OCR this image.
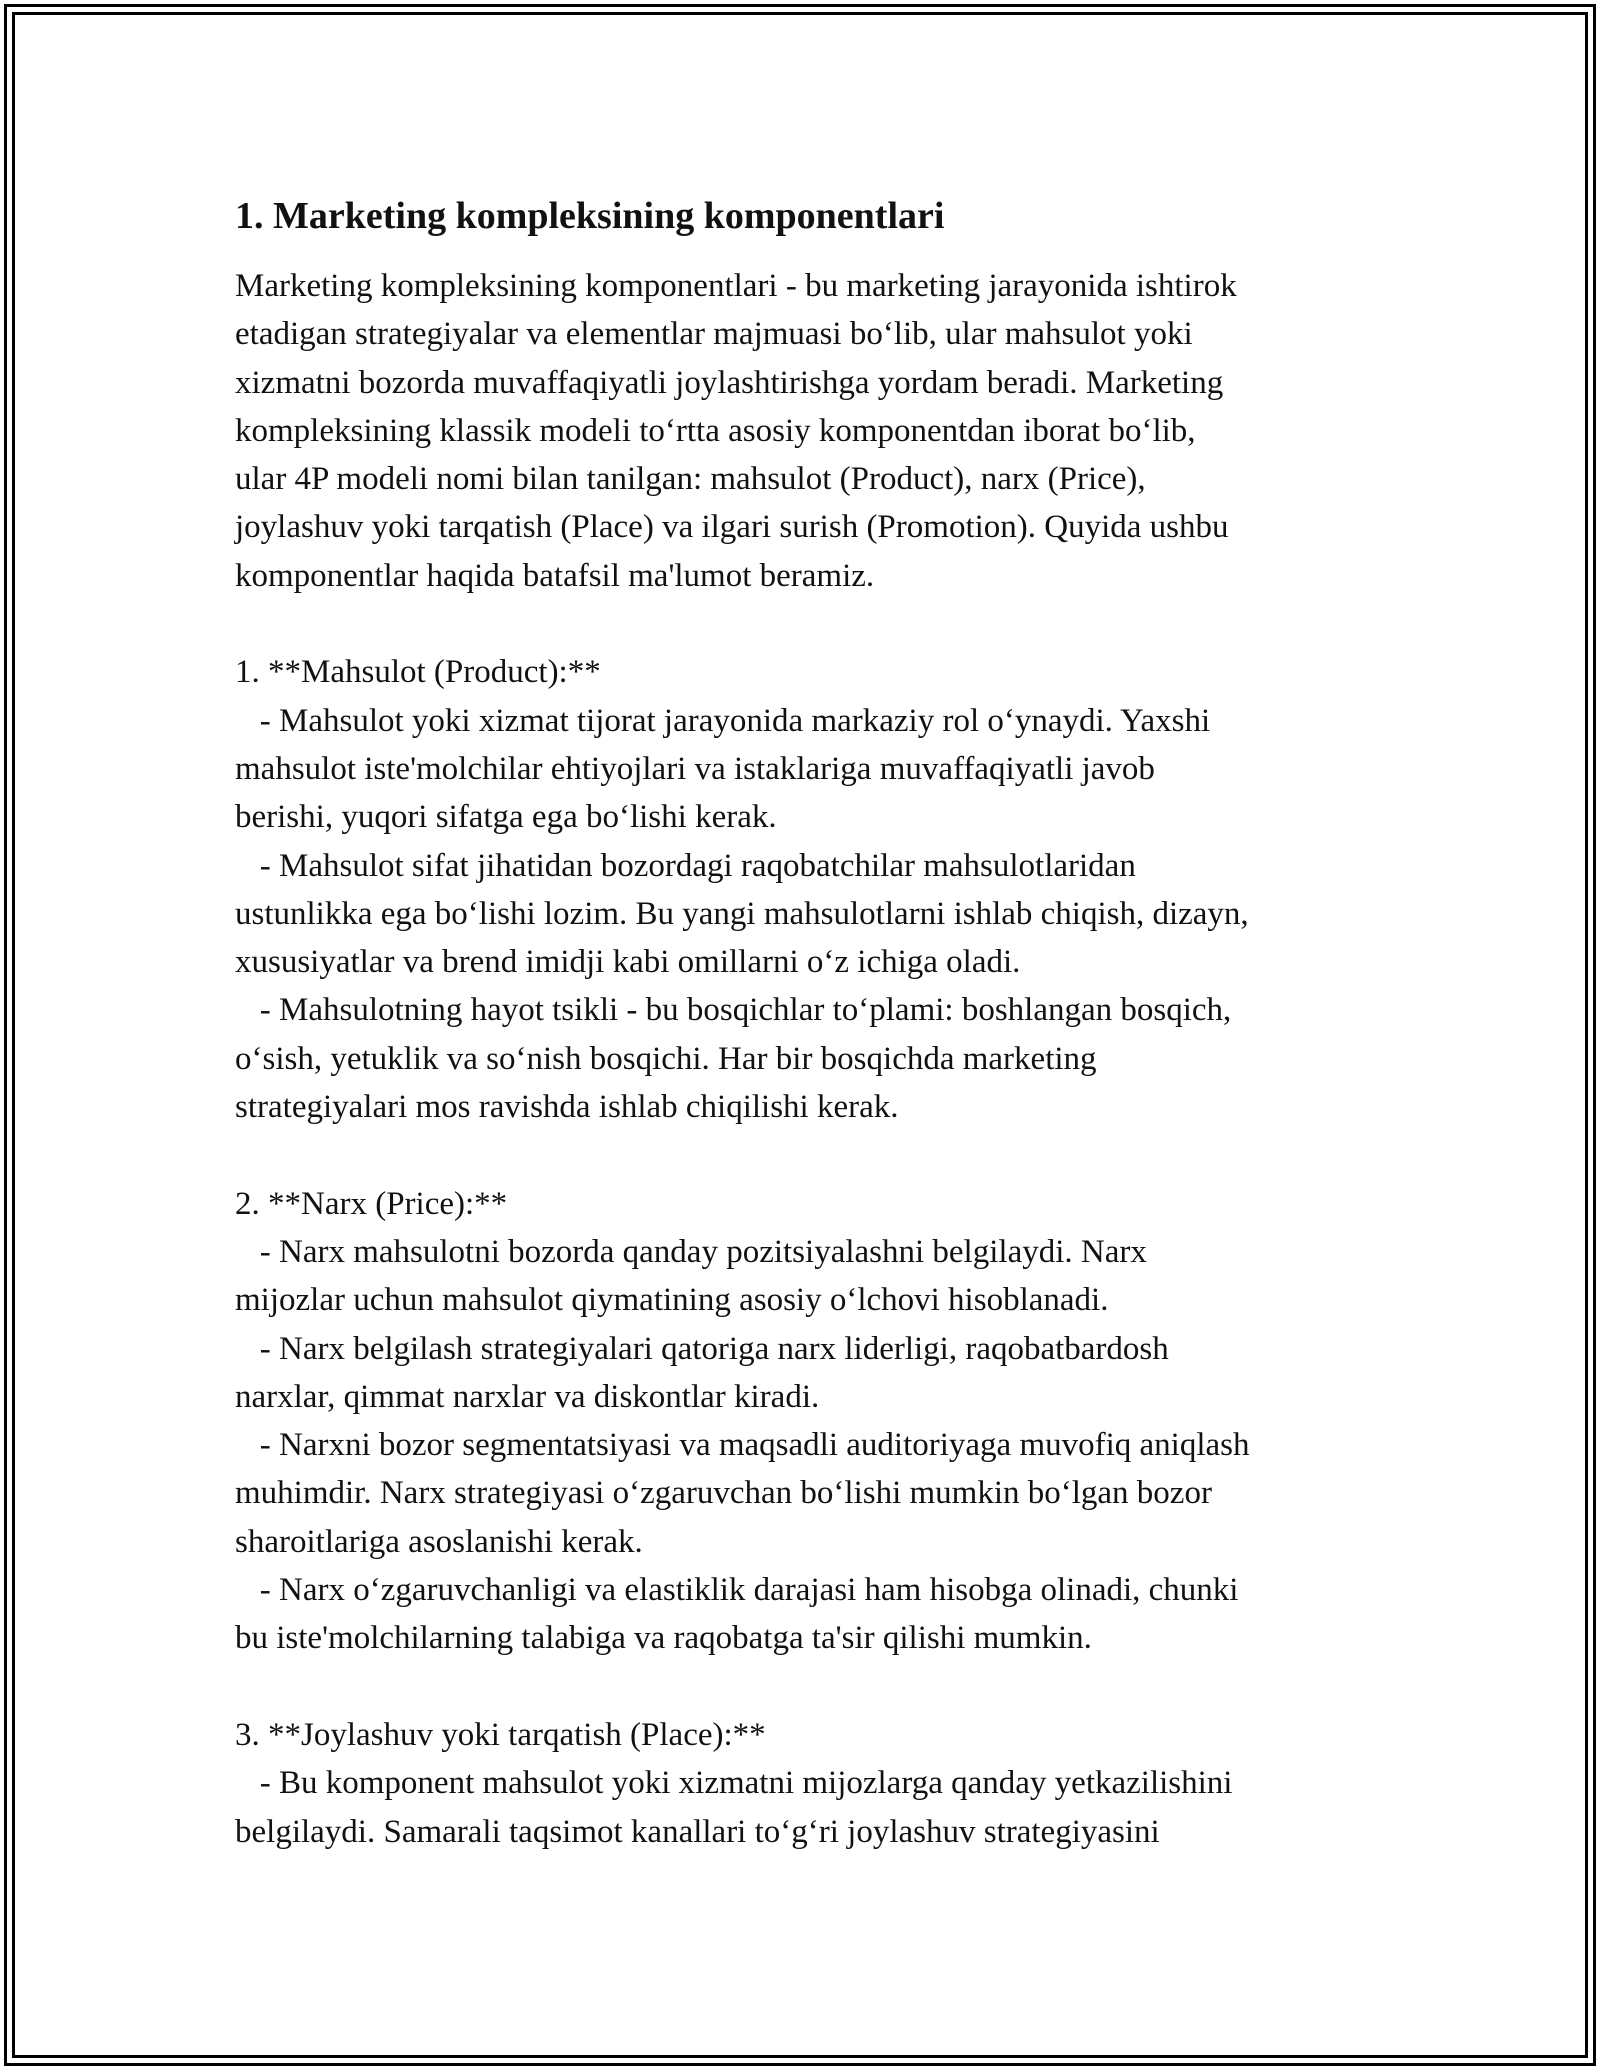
1. Marketing kompleksining komponentlari
Marketing kompleksining komponentlari - bu marketing jarayonida ishtirok
etadigan strategiyalar va elementlar majmuasi bo‘lib, ular mahsulot yoki
xizmatni bozorda muvaffaqiyatli joylashtirishga yordam beradi. Marketing
kompleksining klassik modeli to‘rtta asosiy komponentdan iborat bo‘lib,
ular 4P modeli nomi bilan tanilgan: mahsulot (Product), narx (Price),
joylashuv yoki tarqatish (Place) va ilgari surish (Promotion). Quyida ushbu
komponentlar haqida batafsil ma'lumot beramiz.
1. **Mahsulot (Product):**
- Mahsulot yoki xizmat tijorat jarayonida markaziy rol o‘ynaydi. Yaxshi
mahsulot iste'molchilar ehtiyojlari va istaklariga muvaffaqiyatli javob
berishi, yuqori sifatga ega bo‘lishi kerak.
- Mahsulot sifat jihatidan bozordagi raqobatchilar mahsulotlaridan
ustunlikka ega bo‘lishi lozim. Bu yangi mahsulotlarni ishlab chiqish, dizayn,
xususiyatlar va brend imidji kabi omillarni o‘z ichiga oladi.
- Mahsulotning hayot tsikli - bu bosqichlar to‘plami: boshlangan bosqich,
o‘sish, yetuklik va so‘nish bosqichi. Har bir bosqichda marketing
strategiyalari mos ravishda ishlab chiqilishi kerak.
2. **Narx (Price):**
- Narx mahsulotni bozorda qanday pozitsiyalashni belgilaydi. Narx
mijozlar uchun mahsulot qiymatining asosiy o‘lchovi hisoblanadi.
- Narx belgilash strategiyalari qatoriga narx liderligi, raqobatbardosh
narxlar, qimmat narxlar va diskontlar kiradi.
- Narxni bozor segmentatsiyasi va maqsadli auditoriyaga muvofiq aniqlash
muhimdir. Narx strategiyasi o‘zgaruvchan bo‘lishi mumkin bo‘lgan bozor
sharoitlariga asoslanishi kerak.
- Narx o‘zgaruvchanligi va elastiklik darajasi ham hisobga olinadi, chunki
bu iste'molchilarning talabiga va raqobatga ta'sir qilishi mumkin.
3. **Joylashuv yoki tarqatish (Place):**
- Bu komponent mahsulot yoki xizmatni mijozlarga qanday yetkazilishini
belgilaydi. Samarali taqsimot kanallari to‘g‘ri joylashuv strategiyasini
